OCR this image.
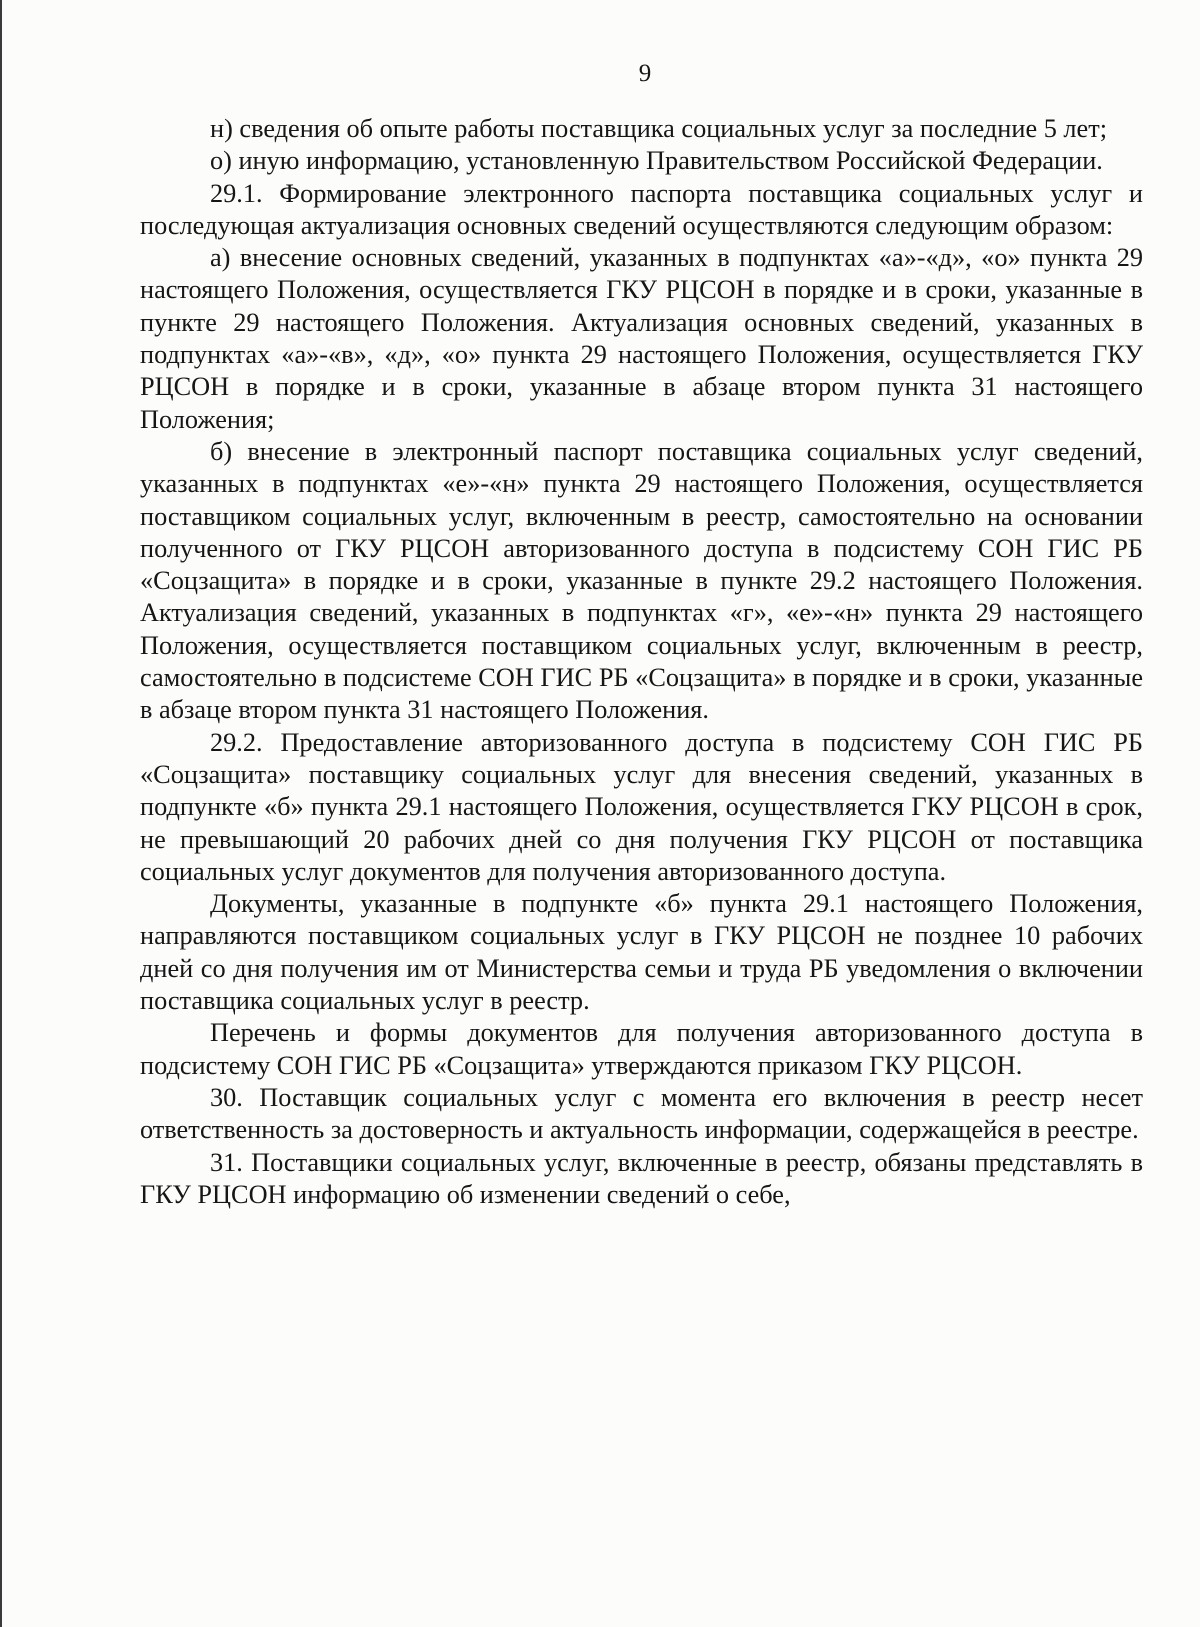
9

н) сведения об опыте работы поставщика социальных услуг за последние 5 лет;

о) иную информацию, установленную Правительством Российской Федерации.

29.1. Формирование электронного паспорта поставщика социальных услуг и последующая актуализация основных сведений осуществляются следующим образом:

а) внесение основных сведений, указанных в подпунктах «а»-«д», «о» пункта 29 настоящего Положения, осуществляется ГКУ РЦСОН в порядке и в сроки, указанные в пункте 29 настоящего Положения. Актуализация основных сведений, указанных в подпунктах «а»-«в», «д», «о» пункта 29 настоящего Положения, осуществляется ГКУ РЦСОН в порядке и в сроки, указанные в абзаце втором пункта 31 настоящего Положения;

б) внесение в электронный паспорт поставщика социальных услуг сведений, указанных в подпунктах «е»-«н» пункта 29 настоящего Положения, осуществляется поставщиком социальных услуг, включенным в реестр, самостоятельно на основании полученного от ГКУ РЦСОН авторизованного доступа в подсистему СОН ГИС РБ «Соцзащита» в порядке и в сроки, указанные в пункте 29.2 настоящего Положения. Актуализация сведений, указанных в подпунктах «г», «е»-«н» пункта 29 настоящего Положения, осуществляется поставщиком социальных услуг, включенным в реестр, самостоятельно в подсистеме СОН ГИС РБ «Соцзащита» в порядке и в сроки, указанные в абзаце втором пункта 31 настоящего Положения.

29.2. Предоставление авторизованного доступа в подсистему СОН ГИС РБ «Соцзащита» поставщику социальных услуг для внесения сведений, указанных в подпункте «б» пункта 29.1 настоящего Положения, осуществляется ГКУ РЦСОН в срок, не превышающий 20 рабочих дней со дня получения ГКУ РЦСОН от поставщика социальных услуг документов для получения авторизованного доступа.

Документы, указанные в подпункте «б» пункта 29.1 настоящего Положения, направляются поставщиком социальных услуг в ГКУ РЦСОН не позднее 10 рабочих дней со дня получения им от Министерства семьи и труда РБ уведомления о включении поставщика социальных услуг в реестр.

Перечень и формы документов для получения авторизованного доступа в подсистему СОН ГИС РБ «Соцзащита» утверждаются приказом ГКУ РЦСОН.

30. Поставщик социальных услуг с момента его включения в реестр несет ответственность за достоверность и актуальность информации, содержащейся в реестре.

31. Поставщики социальных услуг, включенные в реестр, обязаны представлять в ГКУ РЦСОН информацию об изменении сведений о себе,
